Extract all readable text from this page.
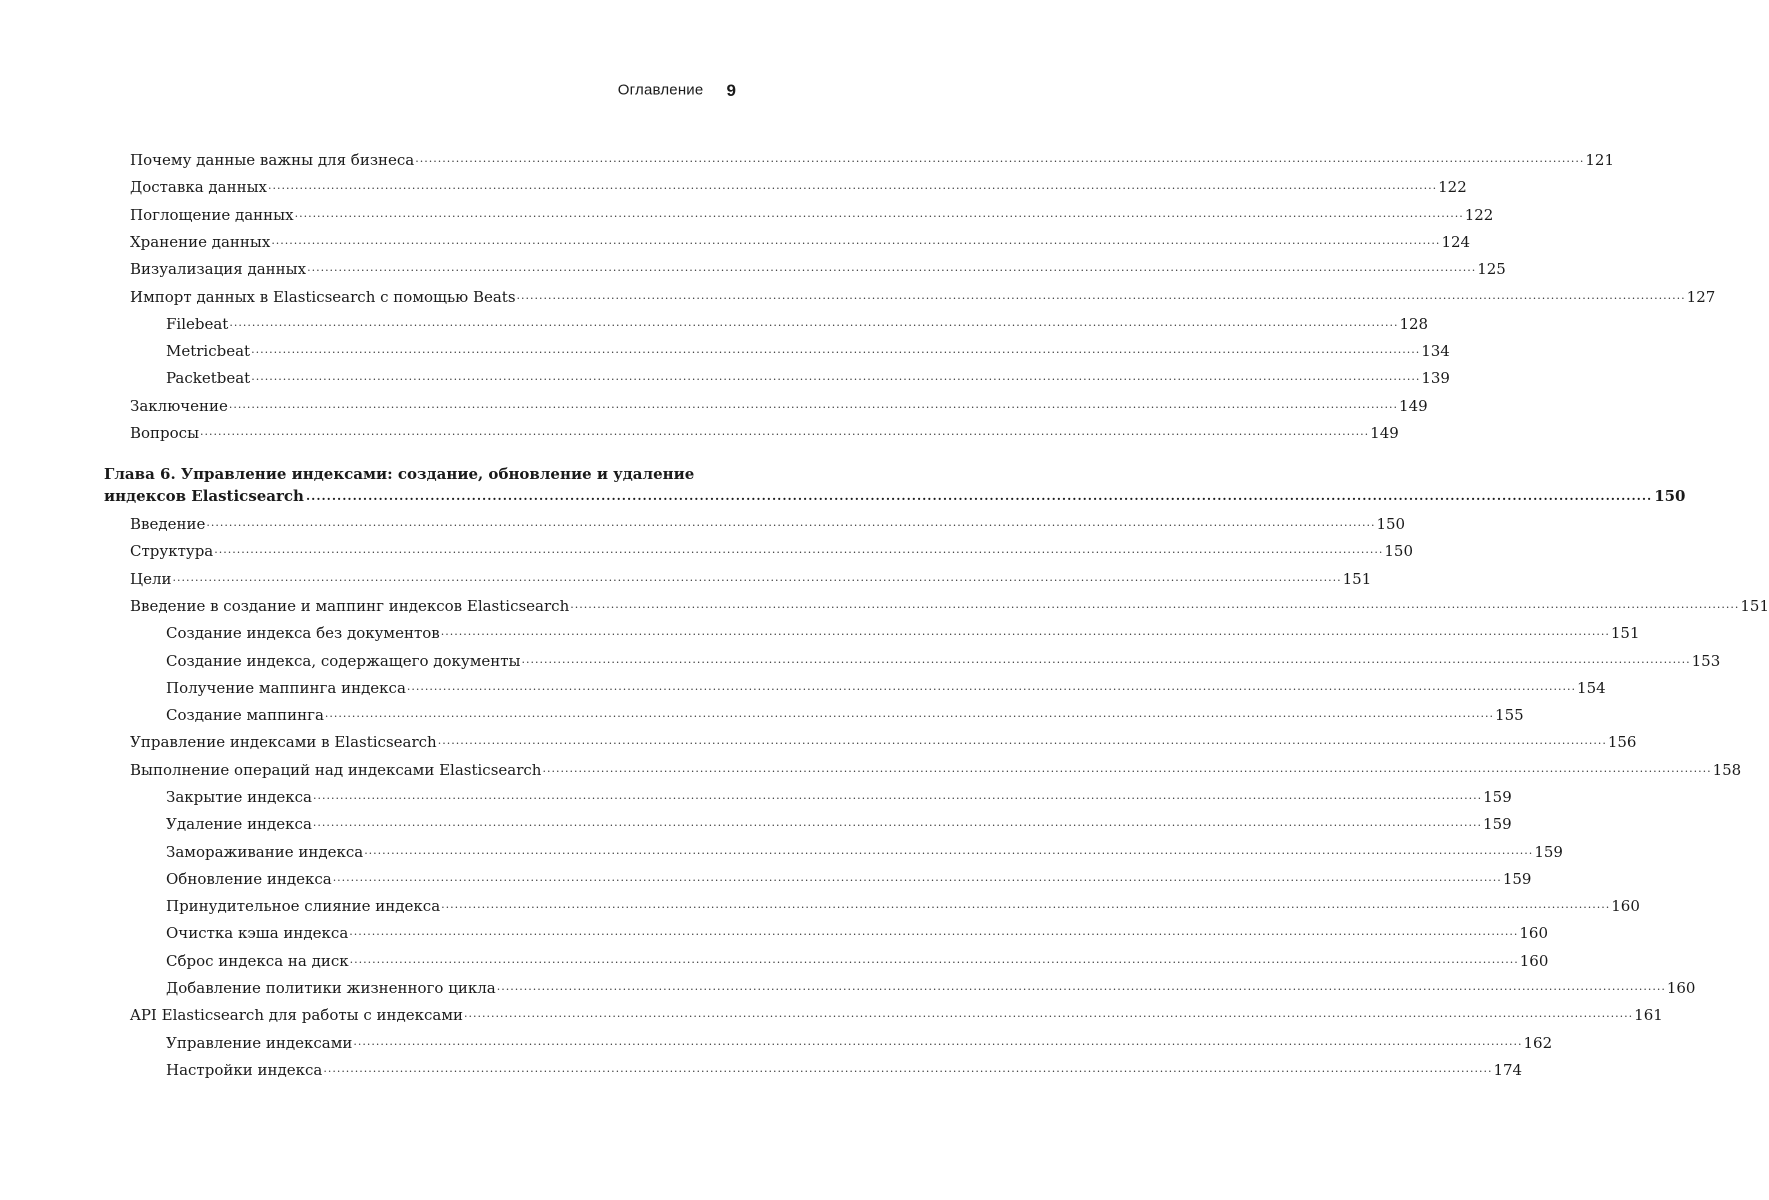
Оглавление 9
Почему данные важны для бизнеса .................................................................................................................................................................................................................................................................... 121
Доставка данных .................................................................................................................................................................................................................................................................... 122
Поглощение данных .................................................................................................................................................................................................................................................................... 122
Хранение данных .................................................................................................................................................................................................................................................................... 124
Визуализация данных .................................................................................................................................................................................................................................................................... 125
Импорт данных в Elasticsearch с помощью Beats .................................................................................................................................................................................................................................................................... 127
Filebeat .................................................................................................................................................................................................................................................................... 128
Metricbeat .................................................................................................................................................................................................................................................................... 134
Packetbeat .................................................................................................................................................................................................................................................................... 139
Заключение .................................................................................................................................................................................................................................................................... 149
Вопросы .................................................................................................................................................................................................................................................................... 149
Глава 6. Управление индексами: создание, обновление и удаление
индексов Elasticsearch .................................................................................................................................................................................................................................................................... 150
Введение .................................................................................................................................................................................................................................................................... 150
Структура .................................................................................................................................................................................................................................................................... 150
Цели .................................................................................................................................................................................................................................................................... 151
Введение в создание и маппинг индексов Elasticsearch .................................................................................................................................................................................................................................................................... 151
Создание индекса без документов .................................................................................................................................................................................................................................................................... 151
Создание индекса, содержащего документы .................................................................................................................................................................................................................................................................... 153
Получение маппинга индекса .................................................................................................................................................................................................................................................................... 154
Создание маппинга .................................................................................................................................................................................................................................................................... 155
Управление индексами в Elasticsearch .................................................................................................................................................................................................................................................................... 156
Выполнение операций над индексами Elasticsearch .................................................................................................................................................................................................................................................................... 158
Закрытие индекса .................................................................................................................................................................................................................................................................... 159
Удаление индекса .................................................................................................................................................................................................................................................................... 159
Замораживание индекса .................................................................................................................................................................................................................................................................... 159
Обновление индекса .................................................................................................................................................................................................................................................................... 159
Принудительное слияние индекса .................................................................................................................................................................................................................................................................... 160
Очистка кэша индекса .................................................................................................................................................................................................................................................................... 160
Сброс индекса на диск .................................................................................................................................................................................................................................................................... 160
Добавление политики жизненного цикла .................................................................................................................................................................................................................................................................... 160
API Elasticsearch для работы с индексами .................................................................................................................................................................................................................................................................... 161
Управление индексами .................................................................................................................................................................................................................................................................... 162
Настройки индекса .................................................................................................................................................................................................................................................................... 174
